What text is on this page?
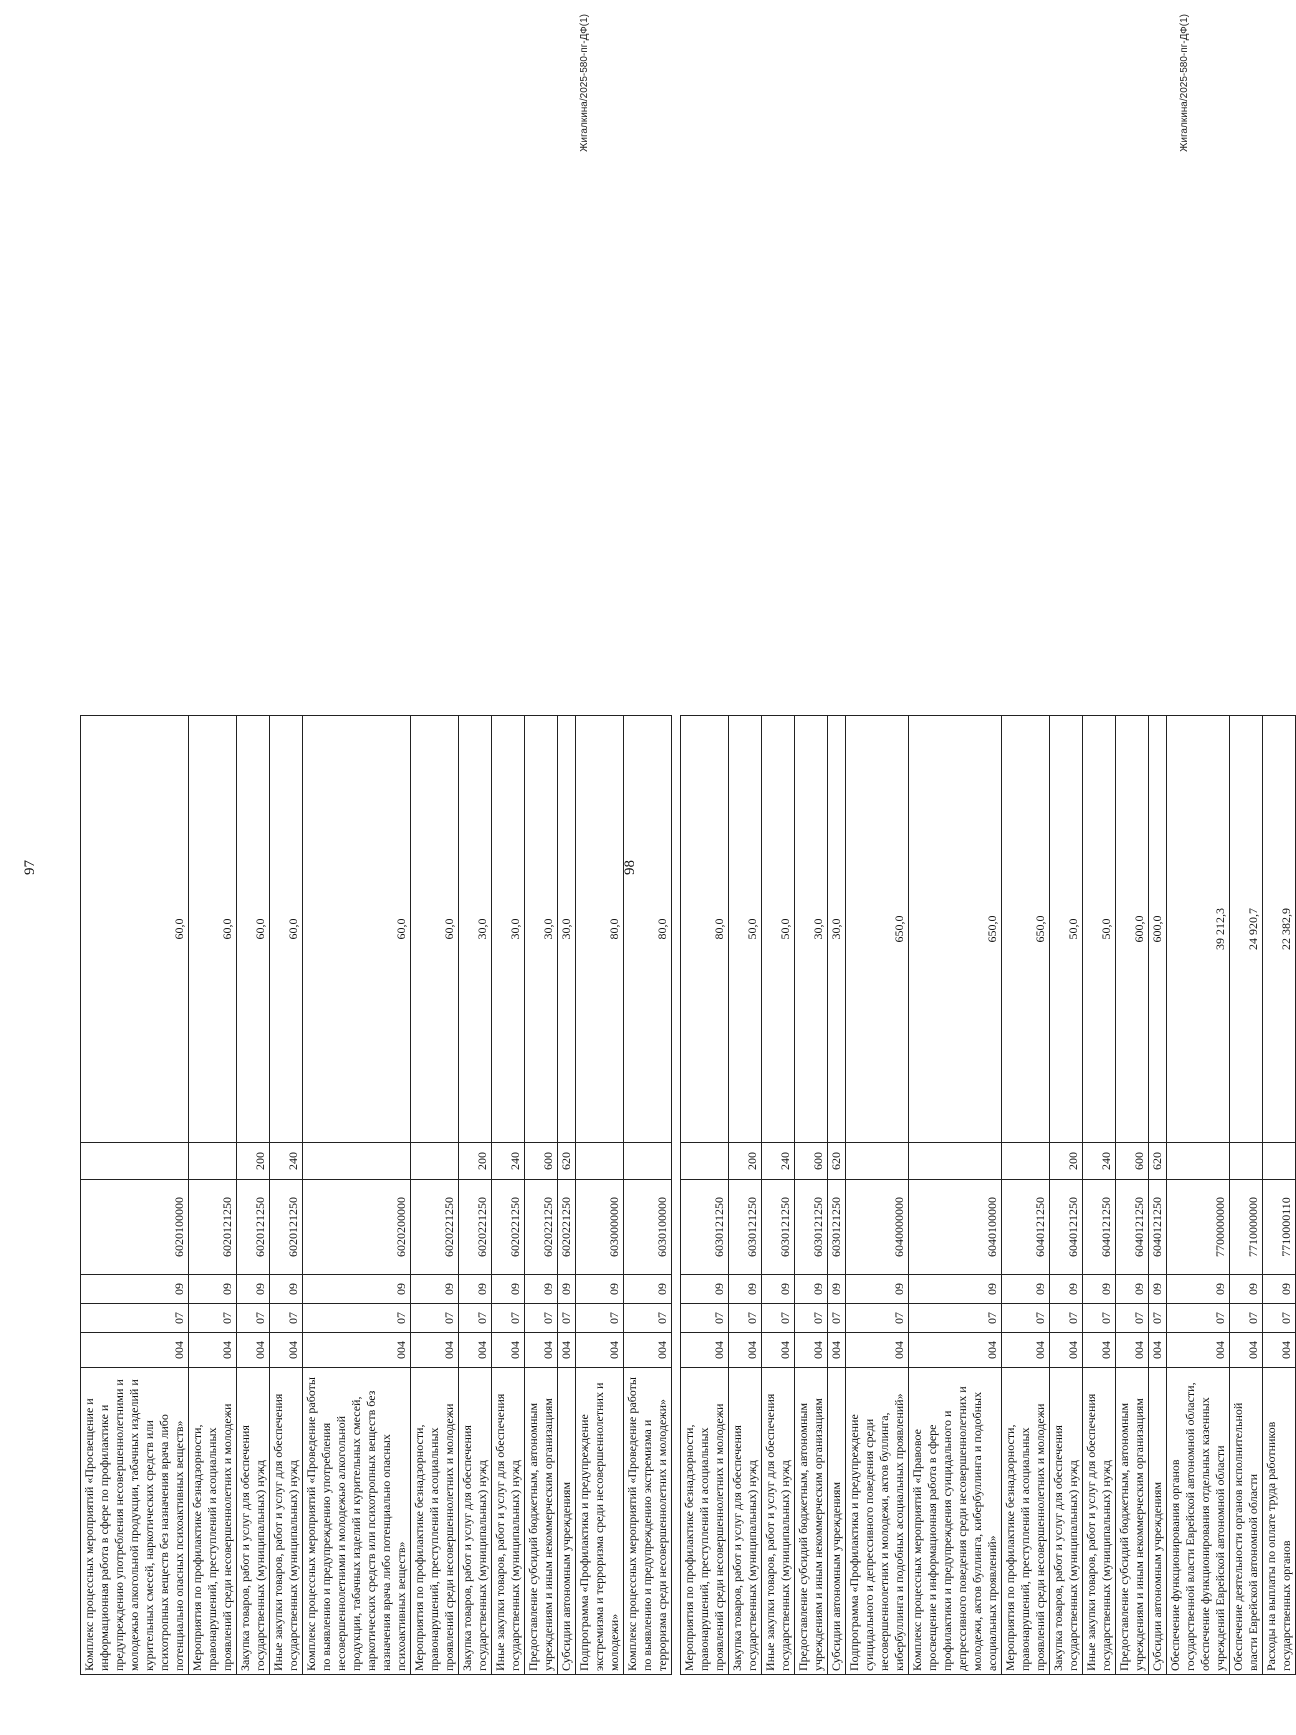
97
Комплекс процессных мероприятий «Просвещение и информационная работа в сфере по профилактике и предупреждению употребления несовершеннолетними и молодежью алкогольной продукции, табачных изделий и курительных смесей, наркотических средств или психотропных веществ без назначения врача либо потенциально опасных психоактивных веществ»	004	07	09	6020100000		60,0
Мероприятия по профилактике безнадзорности, правонарушений, преступлений и асоциальных проявлений среди несовершеннолетних и молодежи	004	07	09	6020121250		60,0
Закупка товаров, работ и услуг для обеспечения государственных (муниципальных) нужд	004	07	09	6020121250	200	60,0
Иные закупки товаров, работ и услуг для обеспечения государственных (муниципальных) нужд	004	07	09	6020121250	240	60,0
Комплекс процессных мероприятий «Проведение работы по выявлению и предупреждению употребления несовершеннолетними и молодежью алкогольной продукции, табачных изделий и курительных смесей, наркотических средств или психотропных веществ без назначения врача либо потенциально опасных психоактивных веществ»	004	07	09	6020200000		60,0
Мероприятия по профилактике безнадзорности, правонарушений, преступлений и асоциальных проявлений среди несовершеннолетних и молодежи	004	07	09	6020221250		60,0
Закупка товаров, работ и услуг для обеспечения государственных (муниципальных) нужд	004	07	09	6020221250	200	30,0
Иные закупки товаров, работ и услуг для обеспечения государственных (муниципальных) нужд	004	07	09	6020221250	240	30,0
Предоставление субсидий бюджетным, автономным учреждениям и иным некоммерческим организациям	004	07	09	6020221250	600	30,0
Субсидии автономным учреждениям	004	07	09	6020221250	620	30,0
Подпрограмма «Профилактика и предупреждение экстремизма и терроризма среди несовершеннолетних и молодежи»	004	07	09	6030000000		80,0
Комплекс процессных мероприятий «Проведение работы по выявлению и предупреждению экстремизма и терроризма среди несовершеннолетних и молодежи»	004	07	09	6030100000		80,0
Жигалкина/2025-580-пг-ДФ(1)
98
Мероприятия по профилактике безнадзорности, правонарушений, преступлений и асоциальных проявлений среди несовершеннолетних и молодежи	004	07	09	6030121250		80,0
Закупка товаров, работ и услуг для обеспечения государственных (муниципальных) нужд	004	07	09	6030121250	200	50,0
Иные закупки товаров, работ и услуг для обеспечения государственных (муниципальных) нужд	004	07	09	6030121250	240	50,0
Предоставление субсидий бюджетным, автономным учреждениям и иным некоммерческим организациям	004	07	09	6030121250	600	30,0
Субсидии автономным учреждениям	004	07	09	6030121250	620	30,0
Подпрограмма «Профилактика и предупреждение суицидального и депрессивного поведения среди несовершеннолетних и молодежи, актов буллинга, кибербуллинга и подобных асоциальных проявлений»	004	07	09	6040000000		650,0
Комплекс процессных мероприятий «Правовое просвещение и информационная работа в сфере профилактики и предупреждения суицидального и депрессивного поведения среди несовершеннолетних и молодежи, актов буллинга, кибербуллинга и подобных асоциальных проявлений»	004	07	09	6040100000		650,0
Мероприятия по профилактике безнадзорности, правонарушений, преступлений и асоциальных проявлений среди несовершеннолетних и молодежи	004	07	09	6040121250		650,0
Закупка товаров, работ и услуг для обеспечения государственных (муниципальных) нужд	004	07	09	6040121250	200	50,0
Иные закупки товаров, работ и услуг для обеспечения государственных (муниципальных) нужд	004	07	09	6040121250	240	50,0
Предоставление субсидий бюджетным, автономным учреждениям и иным некоммерческим организациям	004	07	09	6040121250	600	600,0
Субсидии автономным учреждениям	004	07	09	6040121250	620	600,0
Обеспечение функционирования органов государственной власти Еврейской автономной области, обеспечение функционирования отдельных казенных учреждений Еврейской автономной области	004	07	09	7700000000		39 212,3
Обеспечение деятельности органов исполнительной власти Еврейской автономной области	004	07	09	7710000000		24 920,7
Расходы на выплаты по оплате труда работников государственных органов	004	07	09	7710000110		22 382,9
Жигалкина/2025-580-пг-ДФ(1)
